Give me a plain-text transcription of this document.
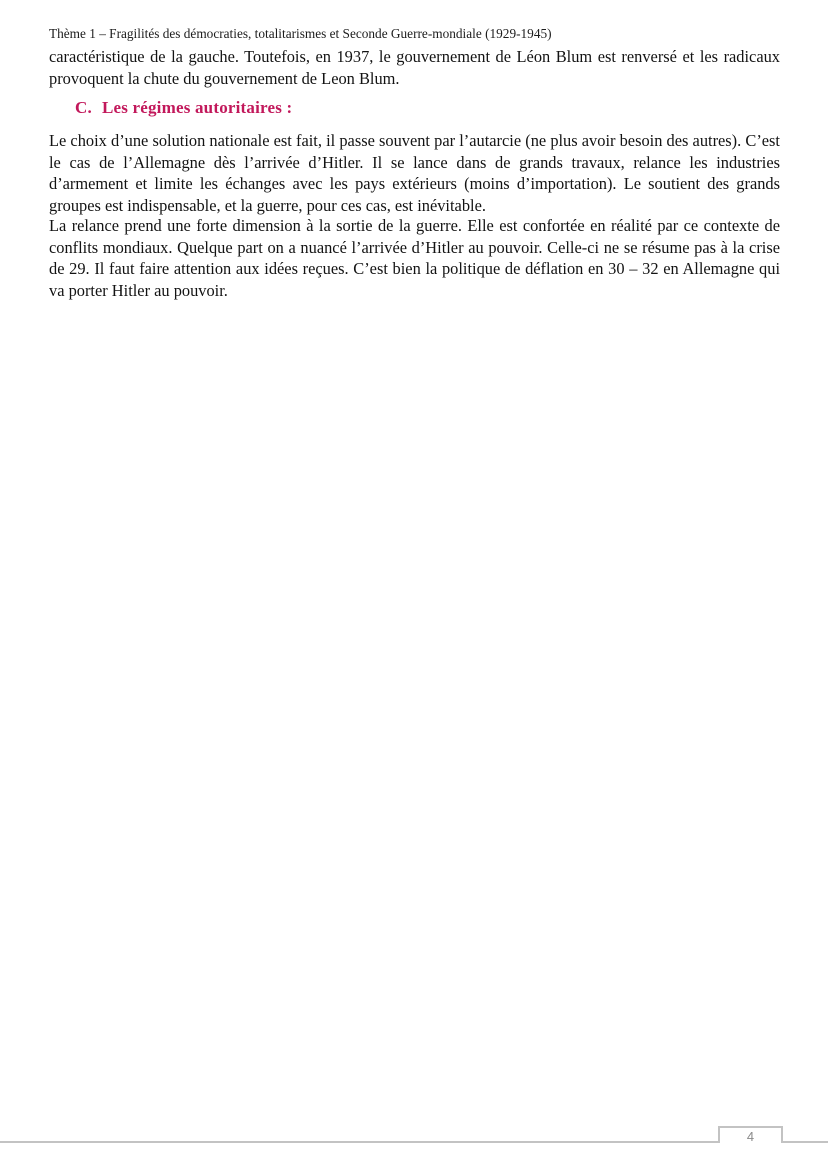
Thème 1 – Fragilités des démocraties, totalitarismes et Seconde Guerre-mondiale (1929-1945)

caractéristique de la gauche. Toutefois, en 1937, le gouvernement de Léon Blum est renversé et les radicaux provoquent la chute du gouvernement de Leon Blum.

C. Les régimes autoritaires :

Le choix d’une solution nationale est fait, il passe souvent par l’autarcie (ne plus avoir besoin des autres). C’est le cas de l’Allemagne dès l’arrivée d’Hitler. Il se lance dans de grands travaux, relance les industries d’armement et limite les échanges avec les pays extérieurs (moins d’importation). Le soutient des grands groupes est indispensable, et la guerre, pour ces cas, est inévitable.

La relance prend une forte dimension à la sortie de la guerre. Elle est confortée en réalité par ce contexte de conflits mondiaux. Quelque part on a nuancé l’arrivée d’Hitler au pouvoir. Celle-ci ne se résume pas à la crise de 29. Il faut faire attention aux idées reçues. C’est bien la politique de déflation en 30 – 32 en Allemagne qui va porter Hitler au pouvoir.

4
